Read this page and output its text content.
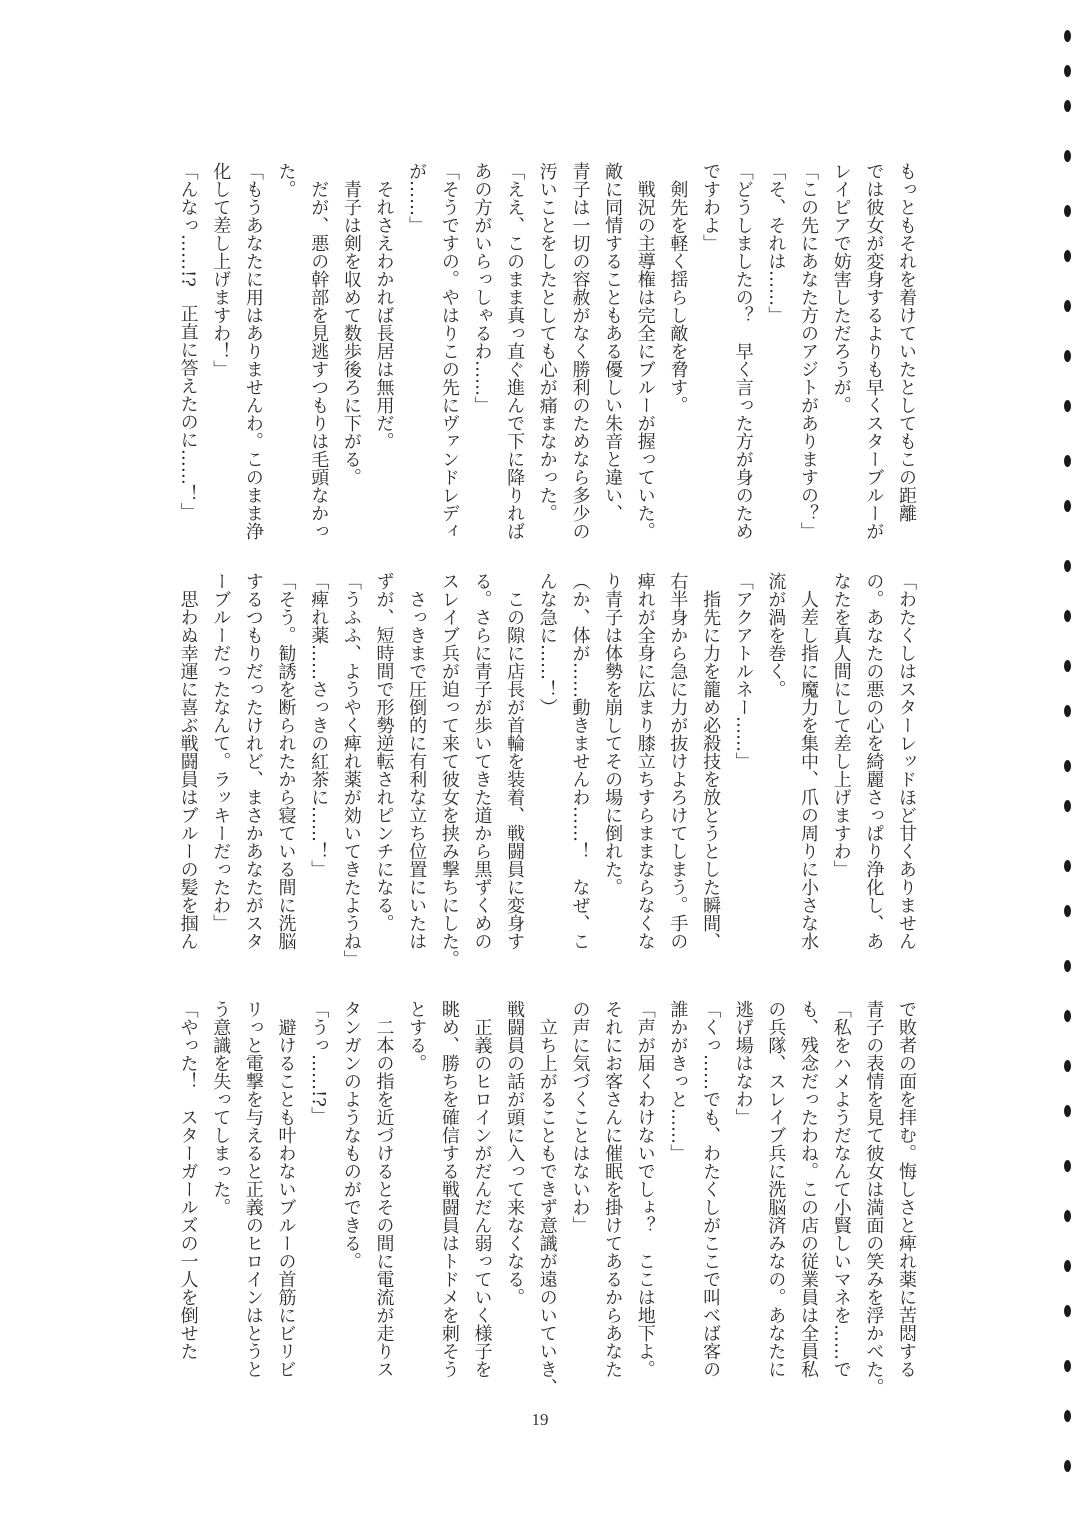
もっともそれを着けていたとしてもこの距離
では彼女が変身するよりも早くスターブルーが
レイピアで妨害しただろうが。
「この先にあなた方のアジトがありますの？」
「そ、それは……」
「どうしましたの？　早く言った方が身のため
ですわよ」
　剣先を軽く揺らし敵を脅す。
　戦況の主導権は完全にブルーが握っていた。
敵に同情することもある優しい朱音と違い、
青子は一切の容赦がなく勝利のためなら多少の
汚いことをしたとしても心が痛まなかった。
「ええ、このまま真っ直ぐ進んで下に降りれば
あの方がいらっしゃるわ……」
「そうですの。やはりこの先にヴァンドレディ
が……」
　それさえわかれば長居は無用だ。
　青子は剣を収めて数歩後ろに下がる。
　だが、悪の幹部を見逃すつもりは毛頭なかっ
た。
「もうあなたに用はありませんわ。このまま浄
化して差し上げますわ！」
「んなっ……!?　正直に答えたのに……！」
「わたくしはスターレッドほど甘くありません
の。あなたの悪の心を綺麗さっぱり浄化し、あ
なたを真人間にして差し上げますわ」
　人差し指に魔力を集中、爪の周りに小さな水
流が渦を巻く。
「アクアトルネー……」
　指先に力を籠め必殺技を放とうとした瞬間、
右半身から急に力が抜けよろけてしまう。手の
痺れが全身に広まり膝立ちすらままならなくな
り青子は体勢を崩してその場に倒れた。
（か、体が……動きませんわ……！　なぜ、こ
んな急に……！）
　この隙に店長が首輪を装着、戦闘員に変身す
る。さらに青子が歩いてきた道から黒ずくめの
スレイブ兵が迫って来て彼女を挟み撃ちにした。
　さっきまで圧倒的に有利な立ち位置にいたは
ずが、短時間で形勢逆転されピンチになる。
「うふふ、ようやく痺れ薬が効いてきたようね」
「痺れ薬……さっきの紅茶に……！」
「そう。勧誘を断られたから寝ている間に洗脳
するつもりだったけれど、まさかあなたがスタ
ーブルーだったなんて。ラッキーだったわ」
　思わぬ幸運に喜ぶ戦闘員はブルーの髪を掴ん
で敗者の面を拝む。悔しさと痺れ薬に苦悶する
青子の表情を見て彼女は満面の笑みを浮かべた。
「私をハメようだなんて小賢しいマネを……で
も、残念だったわね。この店の従業員は全員私
の兵隊、スレイブ兵に洗脳済みなの。あなたに
逃げ場はなわ」
「くっ……でも、わたくしがここで叫べば客の
誰かがきっと……」
「声が届くわけないでしょ？　ここは地下よ。
それにお客さんに催眠を掛けてあるからあなた
の声に気づくことはないわ」
　立ち上がることもできず意識が遠のいていき、
戦闘員の話が頭に入って来なくなる。
　正義のヒロインがだんだん弱っていく様子を
眺め、勝ちを確信する戦闘員はトドメを刺そう
とする。
　二本の指を近づけるとその間に電流が走りス
タンガンのようなものができる。
「うっ……!?」
　避けることも叶わないブルーの首筋にビリビ
リっと電撃を与えると正義のヒロインはとうと
う意識を失ってしまった。
「やった！　スターガールズの一人を倒せた
19
